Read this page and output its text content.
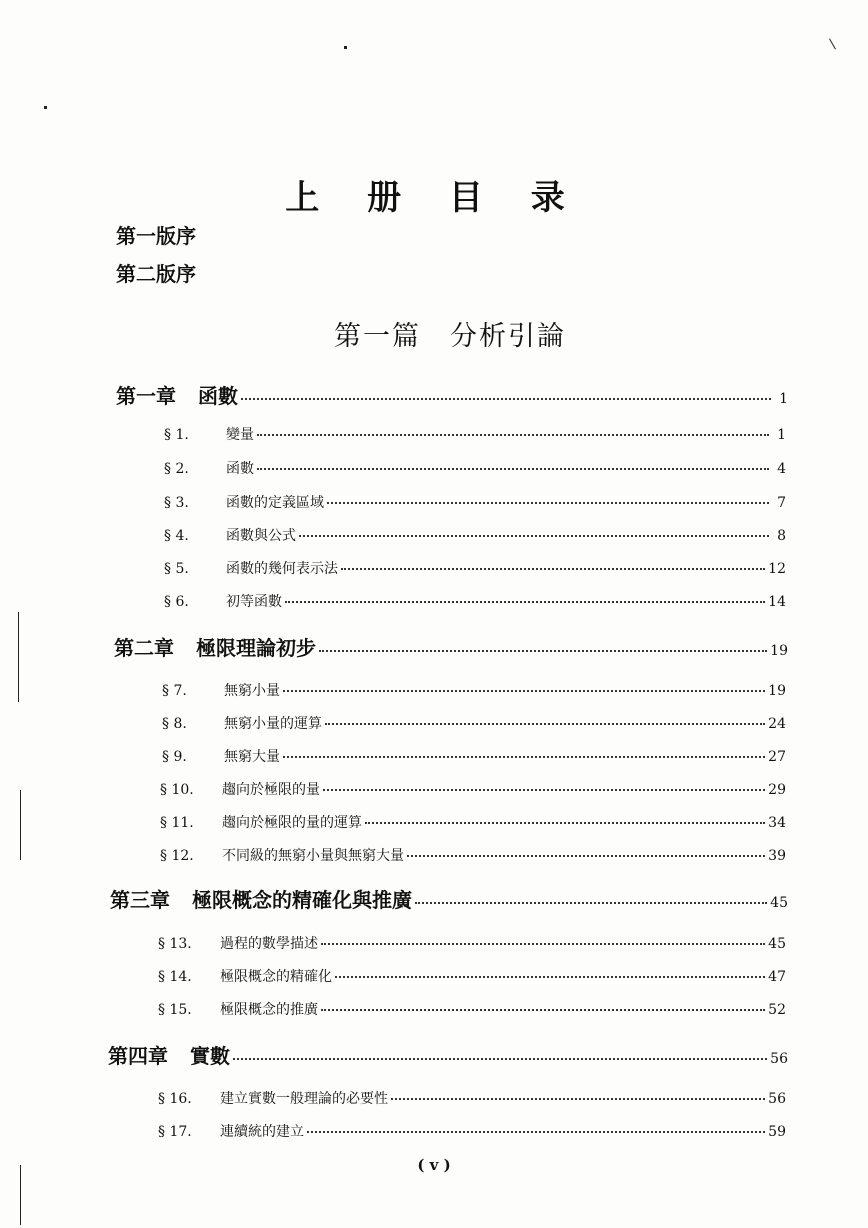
上 册 目 录
第一版序
第二版序
第一篇　分析引論
第一章 函數	1
§ 1.	變量	1
§ 2.	函數	4
§ 3.	函數的定義區域	7
§ 4.	函數與公式	8
§ 5.	函數的幾何表示法	12
§ 6.	初等函數	14
第二章 極限理論初步	19
§ 7.	無窮小量	19
§ 8.	無窮小量的運算	24
§ 9.	無窮大量	27
§ 10.	趨向於極限的量	29
§ 11.	趨向於極限的量的運算	34
§ 12.	不同級的無窮小量與無窮大量	39
第三章 極限概念的精確化與推廣	45
§ 13.	過程的數學描述	45
§ 14.	極限概念的精確化	47
§ 15.	極限概念的推廣	52
第四章 實數	56
§ 16.	建立實數一般理論的必要性	56
§ 17.	連續統的建立	59
( v )
